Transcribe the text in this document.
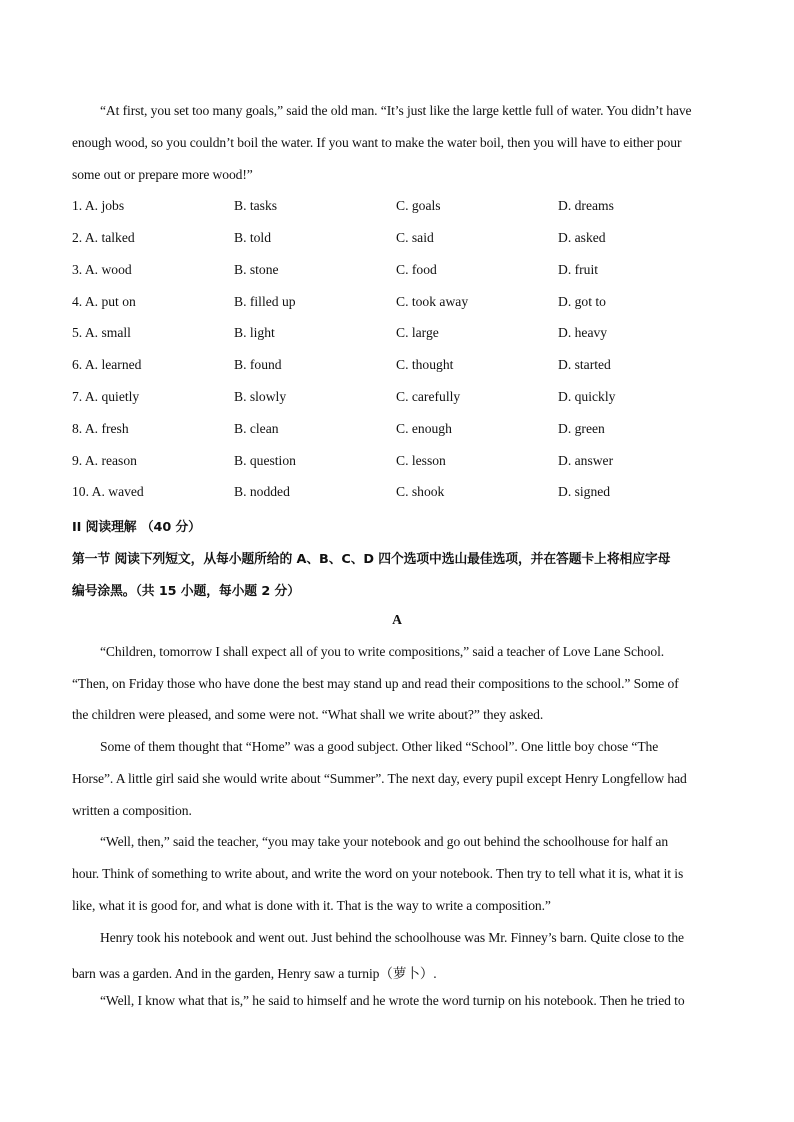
“At first, you set too many goals,” said the old man. “It’s just like the large kettle full of water. You didn’t have
enough wood, so you couldn’t boil the water. If you want to make the water boil, then you will have to either pour
some out or prepare more wood!”
1. A. jobs	B. tasks	C. goals	D. dreams
2. A. talked	B. told	C. said	D. asked
3. A. wood	B. stone	C. food	D. fruit
4. A. put on	B. filled up	C. took away	D. got to
5. A. small	B. light	C. large	D. heavy
6. A. learned	B. found	C. thought	D. started
7. A. quietly	B. slowly	C. carefully	D. quickly
8. A. fresh	B. clean	C. enough	D. green
9. A. reason	B. question	C. lesson	D. answer
10. A. waved	B. nodded	C. shook	D. signed
II 阅读理解 （40 分）
第一节 阅读下列短文，从每小题所给的 A、B、C、D 四个选项中选山最佳选项，并在答题卡上将相应字母
编号涂黑。（共 15 小题，每小题 2 分）
A
“Children, tomorrow I shall expect all of you to write compositions,” said a teacher of Love Lane School.
“Then, on Friday those who have done the best may stand up and read their compositions to the school.” Some of
the children were pleased, and some were not. “What shall we write about?” they asked.
Some of them thought that “Home” was a good subject. Other liked “School”. One little boy chose “The
Horse”. A little girl said she would write about “Summer”. The next day, every pupil except Henry Longfellow had
written a composition.
“Well, then,” said the teacher, “you may take your notebook and go out behind the schoolhouse for half an
hour. Think of something to write about, and write the word on your notebook. Then try to tell what it is, what it is
like, what it is good for, and what is done with it. That is the way to write a composition.”
Henry took his notebook and went out. Just behind the schoolhouse was Mr. Finney’s barn. Quite close to the
barn was a garden. And in the garden, Henry saw a turnip（萝卜）.
“Well, I know what that is,” he said to himself and he wrote the word turnip on his notebook. Then he tried to
